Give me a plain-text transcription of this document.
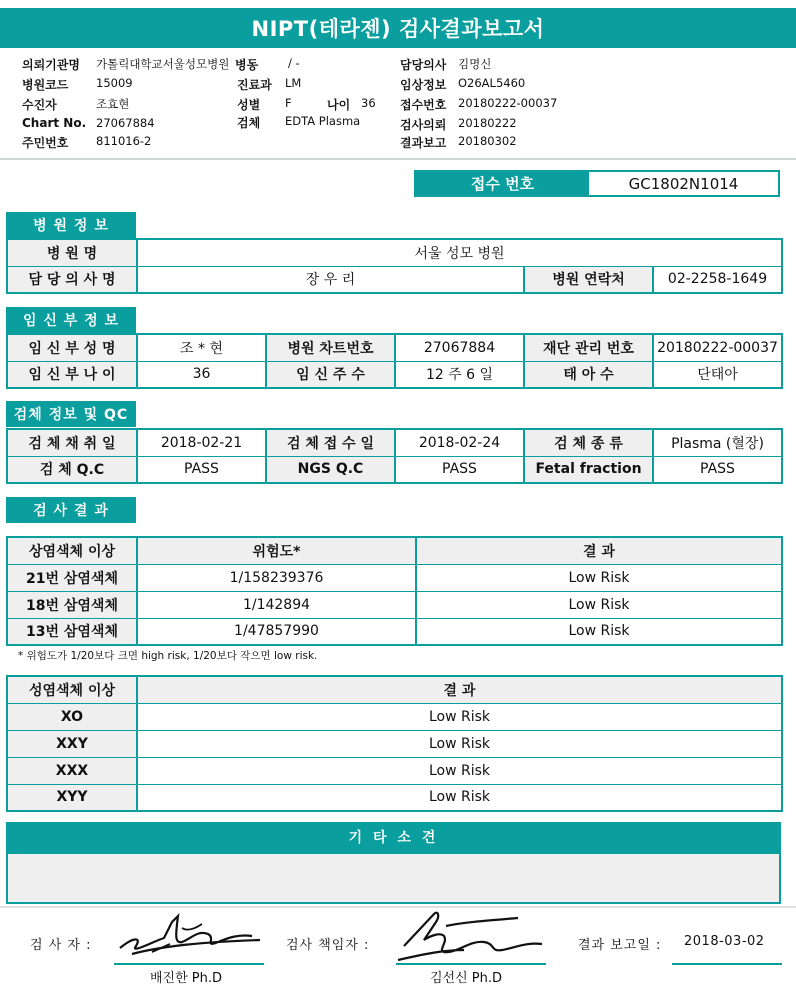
NIPT(테라젠) 검사결과보고서
의뢰기관명 가톨릭대학교서울성모병원
병원코드 15009
수진자	조효현
Chart No. 27067884
주민번호 811016-2
병동	/ -
진료과 LM
성별 F	나이 36
검체 EDTA Plasma
담당의사 김명신
임상정보 O26AL5460
접수번호 20180222-00037
검사의뢰 20180222
결과보고 20180302
접수 번호	GC1802N1014
병 원 정 보
병 원 명	서울 성모 병원		
담 당 의 사 명	장 우 리	병원 연락처	02-2258-1649
임 신 부 정 보
임 신 부 성 명	조 * 현	병원 차트번호	27067884	재단 관리 번호	20180222-00037
임 신 부 나 이	36	임 신 주 수	12 주 6 일	태 아 수	단태아
검체 정보 및 QC
검 체 채 취 일	2018-02-21	검 체 접 수 일	2018-02-24	검 체 종 류	Plasma (혈장)
검 체 Q.C	PASS	NGS Q.C	PASS	Fetal fraction	PASS
검 사 결 과
상염색체 이상	위험도*	결 과
21번 삼염색체	1/158239376	Low Risk
18번 삼염색체	1/142894	Low Risk
13번 삼염색체	1/47857990	Low Risk
* 위험도가 1/20보다 크면 high risk, 1/20보다 작으면 low risk.
성염색체 이상	결 과
XO	Low Risk
XXY	Low Risk
XXX	Low Risk
XYY	Low Risk
기 타 소 견
검 사 자 :
배진한 Ph.D
검사 책임자 :
김선신 Ph.D
결과 보고일 : 2018-03-02
